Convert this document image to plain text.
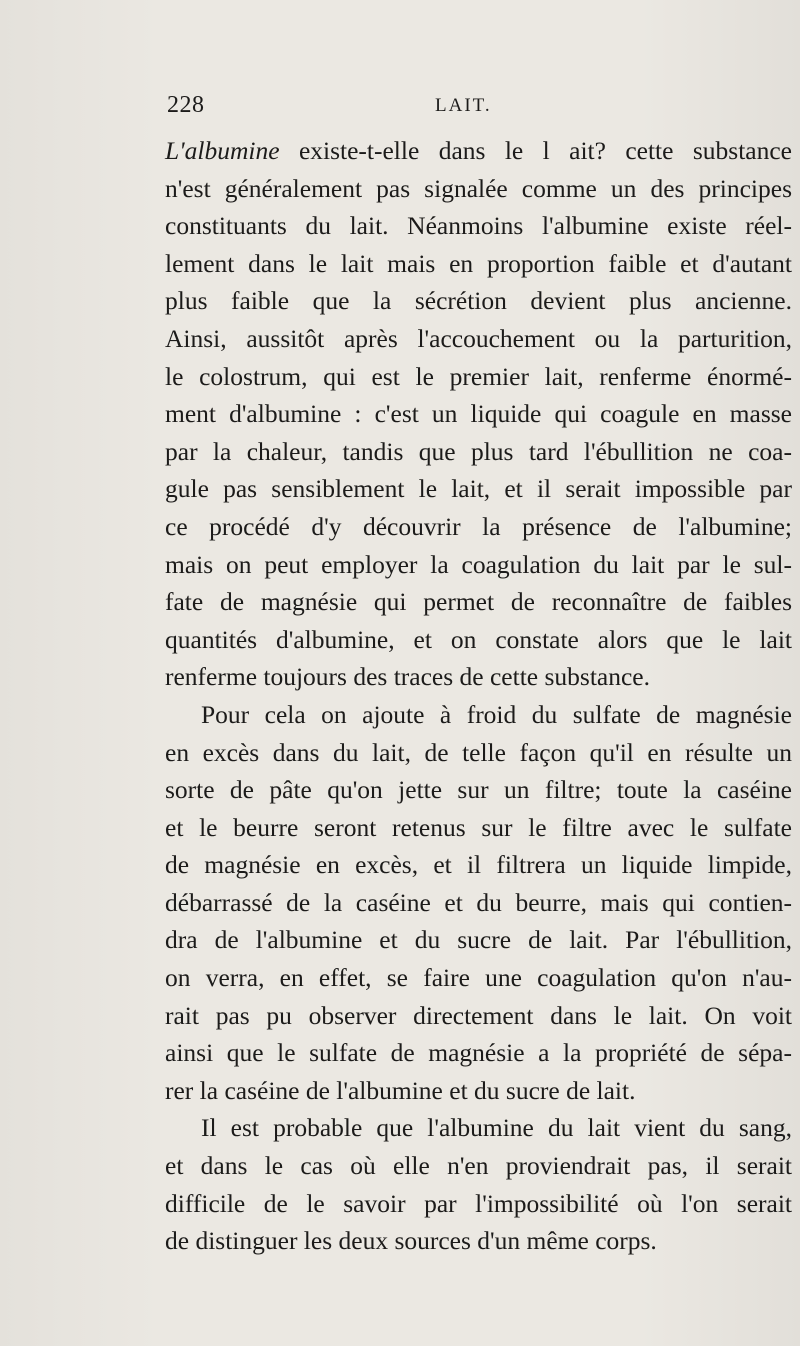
228	LAIT.
L'albumine existe-t-elle dans le l ait? cette substance
n'est généralement pas signalée comme un des principes
constituants du lait. Néanmoins l'albumine existe réel-
lement dans le lait mais en proportion faible et d'autant
plus faible que la sécrétion devient plus ancienne.
Ainsi, aussitôt après l'accouchement ou la parturition,
le colostrum, qui est le premier lait, renferme énormé-
ment d'albumine : c'est un liquide qui coagule en masse
par la chaleur, tandis que plus tard l'ébullition ne coa-
gule pas sensiblement le lait, et il serait impossible par
ce procédé d'y découvrir la présence de l'albumine;
mais on peut employer la coagulation du lait par le sul-
fate de magnésie qui permet de reconnaître de faibles
quantités d'albumine, et on constate alors que le lait
renferme toujours des traces de cette substance.
Pour cela on ajoute à froid du sulfate de magnésie
en excès dans du lait, de telle façon qu'il en résulte un
sorte de pâte qu'on jette sur un filtre; toute la caséine
et le beurre seront retenus sur le filtre avec le sulfate
de magnésie en excès, et il filtrera un liquide limpide,
débarrassé de la caséine et du beurre, mais qui contien-
dra de l'albumine et du sucre de lait. Par l'ébullition,
on verra, en effet, se faire une coagulation qu'on n'au-
rait pas pu observer directement dans le lait. On voit
ainsi que le sulfate de magnésie a la propriété de sépa-
rer la caséine de l'albumine et du sucre de lait.
Il est probable que l'albumine du lait vient du sang,
et dans le cas où elle n'en proviendrait pas, il serait
difficile de le savoir par l'impossibilité où l'on serait
de distinguer les deux sources d'un même corps.
